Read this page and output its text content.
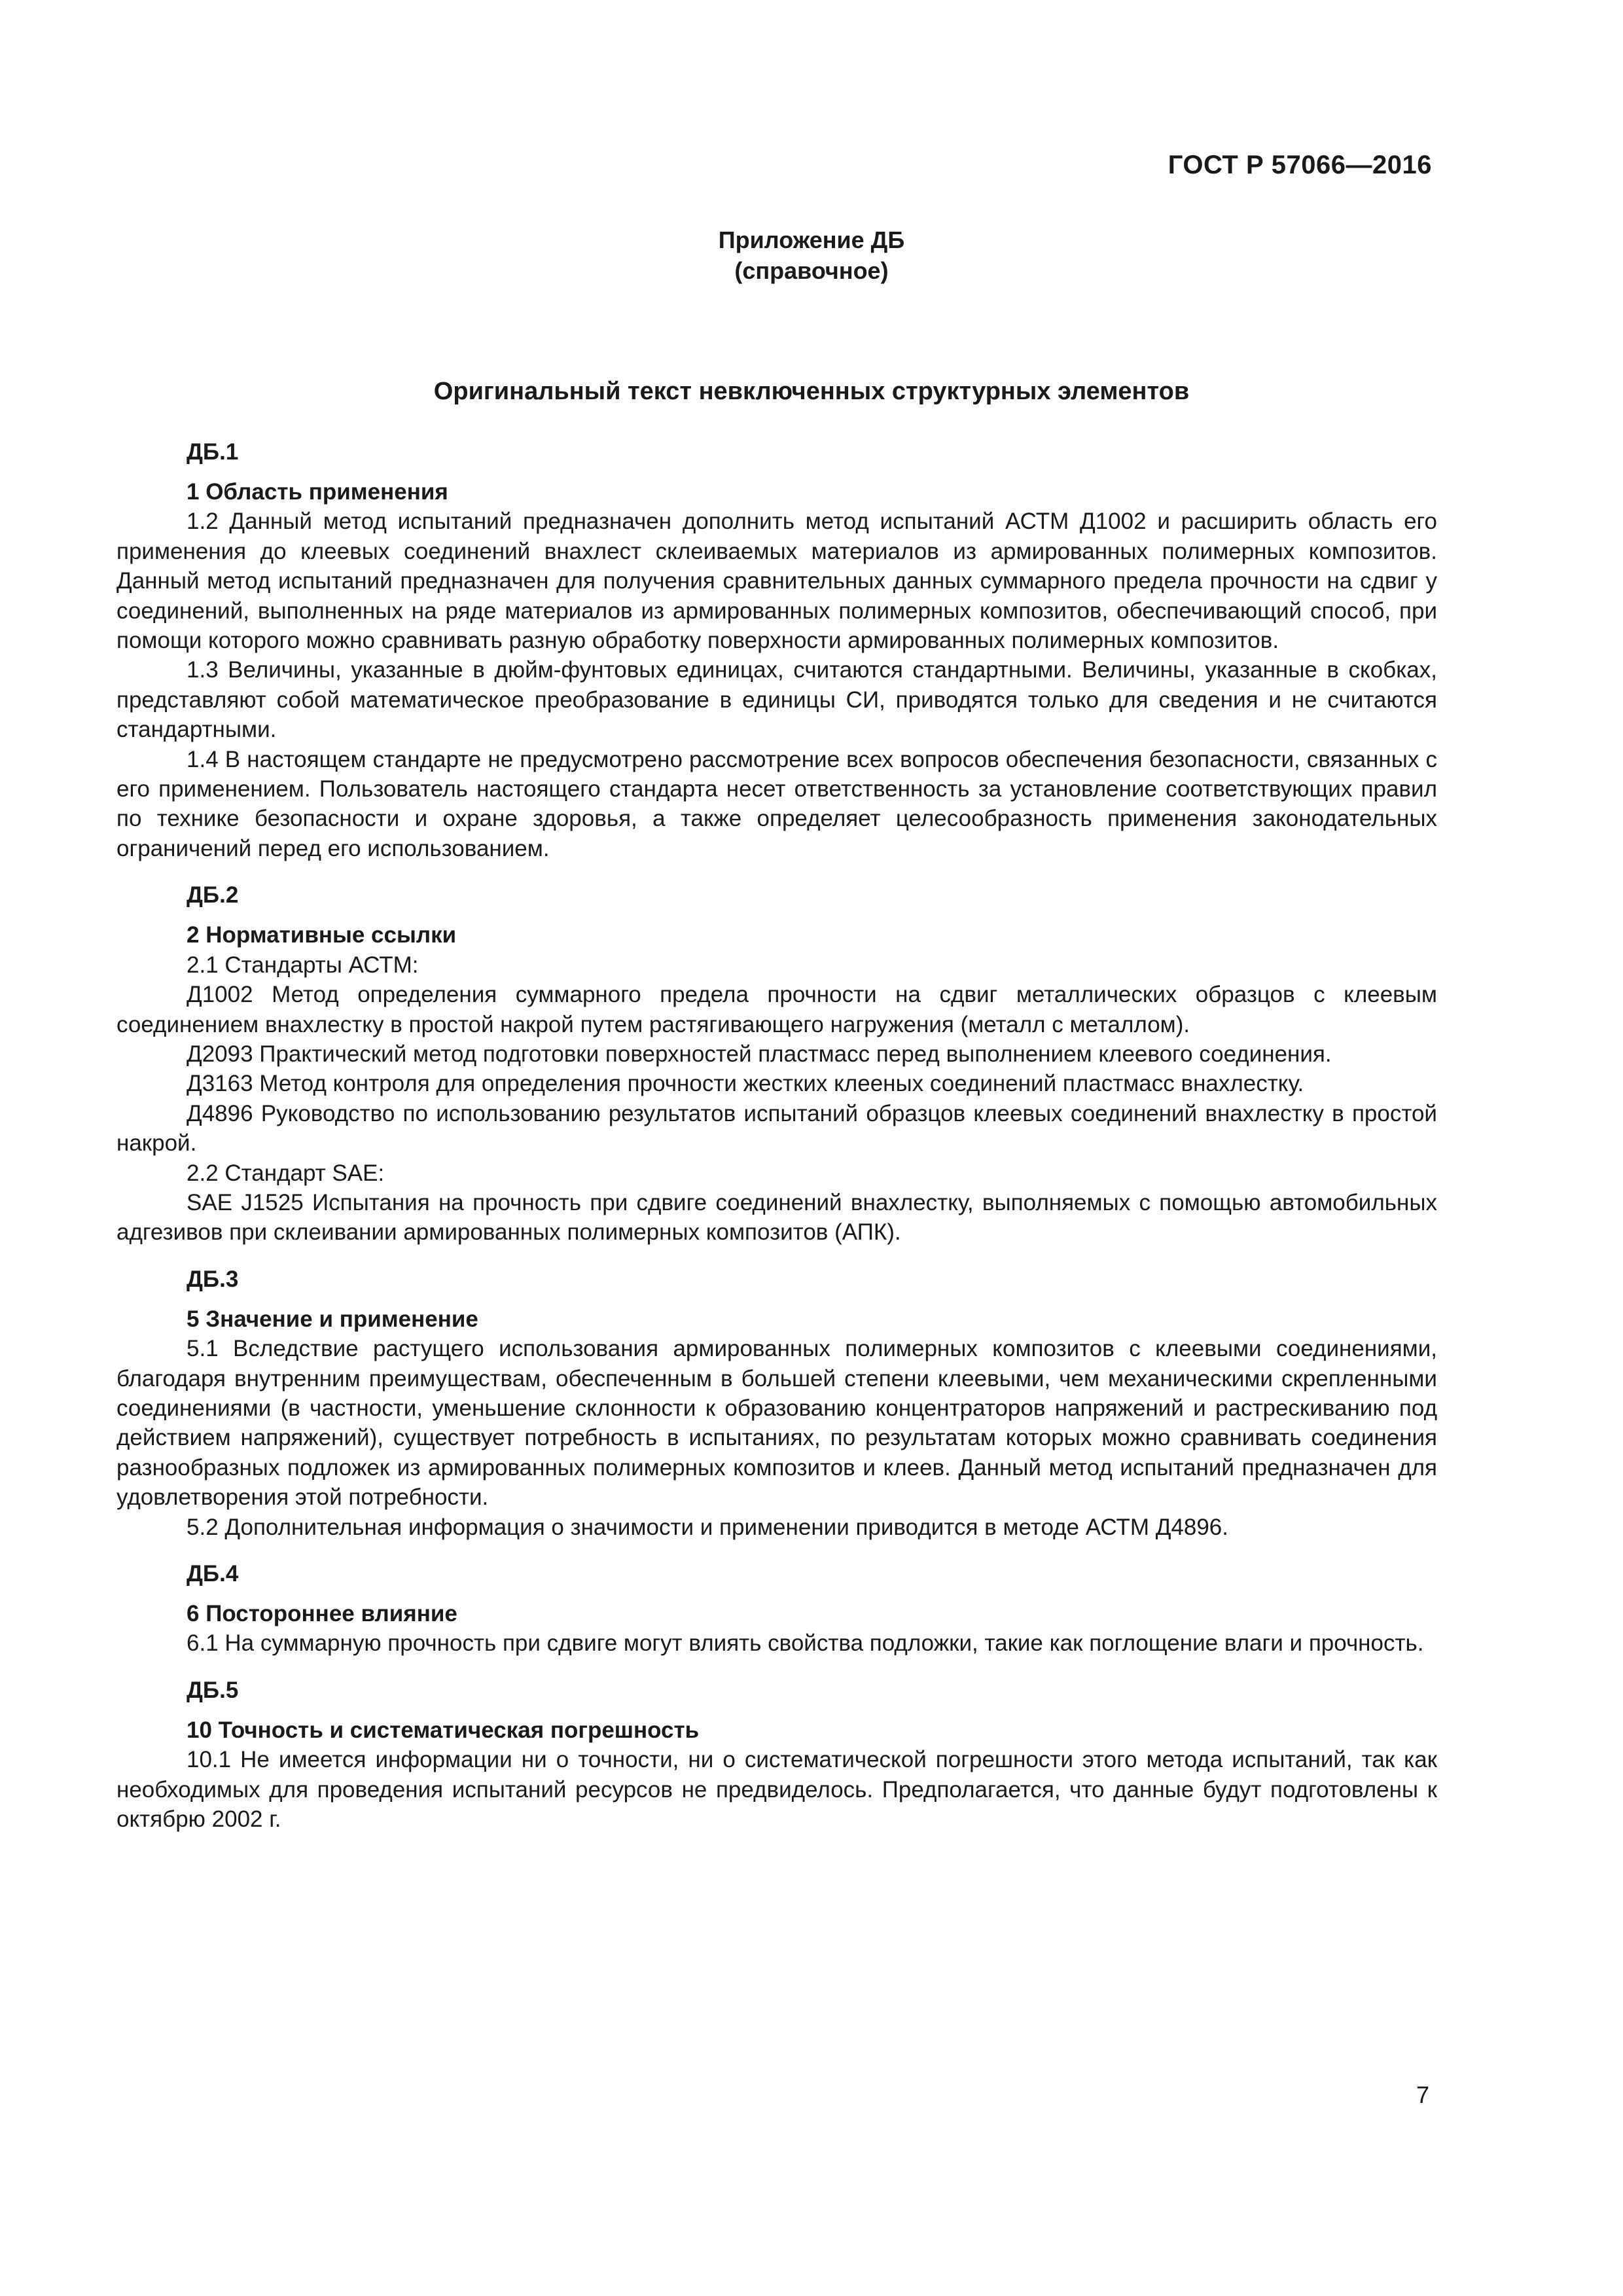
ГОСТ Р 57066—2016
Приложение ДБ
(справочное)
Оригинальный текст невключенных структурных элементов
ДБ.1
1 Область применения

1.2 Данный метод испытаний предназначен дополнить метод испытаний АСТМ Д1002 и расширить область его применения до клеевых соединений внахлест склеиваемых материалов из армированных полимерных композитов. Данный метод испытаний предназначен для получения сравнительных данных суммарного предела прочности на сдвиг у соединений, выполненных на ряде материалов из армированных полимерных композитов, обеспечивающий способ, при помощи которого можно сравнивать разную обработку поверхности армированных полимерных композитов.

1.3 Величины, указанные в дюйм-фунтовых единицах, считаются стандартными. Величины, указанные в скобках, представляют собой математическое преобразование в единицы СИ, приводятся только для сведения и не считаются стандартными.

1.4 В настоящем стандарте не предусмотрено рассмотрение всех вопросов обеспечения безопасности, связанных с его применением. Пользователь настоящего стандарта несет ответственность за установление соответствующих правил по технике безопасности и охране здоровья, а также определяет целесообразность применения законодательных ограничений перед его использованием.

ДБ.2
2 Нормативные ссылки

2.1 Стандарты АСТМ:

Д1002 Метод определения суммарного предела прочности на сдвиг металлических образцов с клеевым соединением внахлестку в простой накрой путем растягивающего нагружения (металл с металлом).

Д2093 Практический метод подготовки поверхностей пластмасс перед выполнением клеевого соединения.

Д3163 Метод контроля для определения прочности жестких клееных соединений пластмасс внахлестку.

Д4896 Руководство по использованию результатов испытаний образцов клеевых соединений внахлестку в простой накрой.

2.2 Стандарт SAE:

SAE J1525 Испытания на прочность при сдвиге соединений внахлестку, выполняемых с помощью автомобильных адгезивов при склеивании армированных полимерных композитов (АПК).

ДБ.3
5 Значение и применение

5.1 Вследствие растущего использования армированных полимерных композитов с клеевыми соединениями, благодаря внутренним преимуществам, обеспеченным в большей степени клеевыми, чем механическими скрепленными соединениями (в частности, уменьшение склонности к образованию концентраторов напряжений и растрескиванию под действием напряжений), существует потребность в испытаниях, по результатам которых можно сравнивать соединения разнообразных подложек из армированных полимерных композитов и клеев. Данный метод испытаний предназначен для удовлетворения этой потребности.

5.2 Дополнительная информация о значимости и применении приводится в методе АСТМ Д4896.

ДБ.4
6 Постороннее влияние

6.1 На суммарную прочность при сдвиге могут влиять свойства подложки, такие как поглощение влаги и прочность.

ДБ.5
10 Точность и систематическая погрешность

10.1 Не имеется информации ни о точности, ни о систематической погрешности этого метода испытаний, так как необходимых для проведения испытаний ресурсов не предвиделось. Предполагается, что данные будут подготовлены к октябрю 2002 г.

7
